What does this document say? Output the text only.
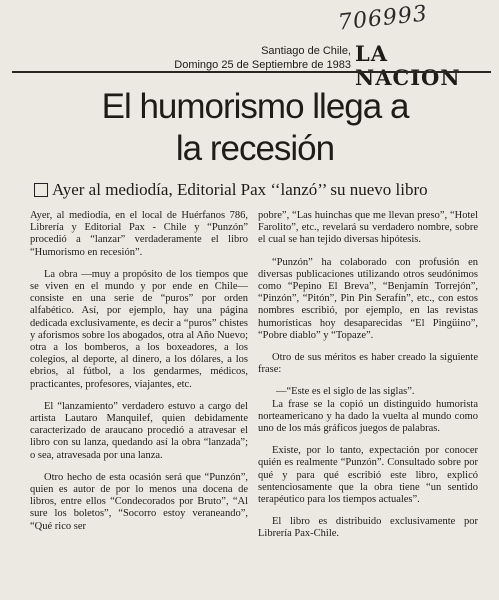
706993
Santiago de Chile,
Domingo 25 de Septiembre de 1983 LA NACION
El humorismo llega a
la recesión
Ayer al mediodía, Editorial Pax ‘‘lanzó’’ su nuevo libro

Ayer, al mediodía, en el local de Huérfanos 786, Librería y Editorial Pax - Chile y “Punzón” procedió a “lanzar” verdaderamente el libro “Humorismo en recesión”.

La obra —muy a propósito de los tiempos que se viven en el mundo y por ende en Chile— consiste en una serie de “puros” por orden alfabético. Así, por ejemplo, hay una página dedicada exclusivamente, es decir a “puros” chistes y aforismos sobre los abogados, otra al Año Nuevo; otra a los bomberos, a los boxeadores, a los colegios, al deporte, al dinero, a los dólares, a los ebrios, al fútbol, a los gendarmes, médicos, practicantes, profesores, viajantes, etc.

El “lanzamiento” verdadero estuvo a cargo del artista Lautaro Manquilef, quien debidamente caracterizado de araucano procedió a atravesar el libro con su lanza, quedando así la obra “lanzada”; o sea, atravesada por una lanza.

Otro hecho de esta ocasión será que “Punzón”, quien es autor de por lo menos una docena de libros, entre ellos “Condecorados por Bruto”, “Al sure los boletos”, “Socorro estoy veraneando”, “Qué rico ser

pobre”, “Las huinchas que me llevan preso”, “Hotel Farolito”, etc., revelará su verdadero nombre, sobre el cual se han tejido diversas hipótesis.

“Punzón” ha colaborado con profusión en diversas publicaciones utilizando otros seudónimos como “Pepino El Breva”, “Benjamín Torrejón”, “Pinzón”, “Pitón”, Pin Pin Serafín”, etc., con estos nombres escribió, por ejemplo, en las revistas humorísticas hoy desaparecidas “El Pingüino”, “Pobre diablo” y “Topaze”.

Otro de sus méritos es haber creado la siguiente frase:

—“Este es el siglo de las siglas”.

La frase se la copió un distinguido humorista norteamericano y ha dado la vuelta al mundo como uno de los más gráficos juegos de palabras.

Existe, por lo tanto, expectación por conocer quién es realmente “Punzón”. Consultado sobre por qué y para qué escribió este libro, explicó sentenciosamente que la obra tiene “un sentido terapéutico para los tiempos actuales”.

El libro es distribuido exclusivamente por Librería Pax-Chile.
